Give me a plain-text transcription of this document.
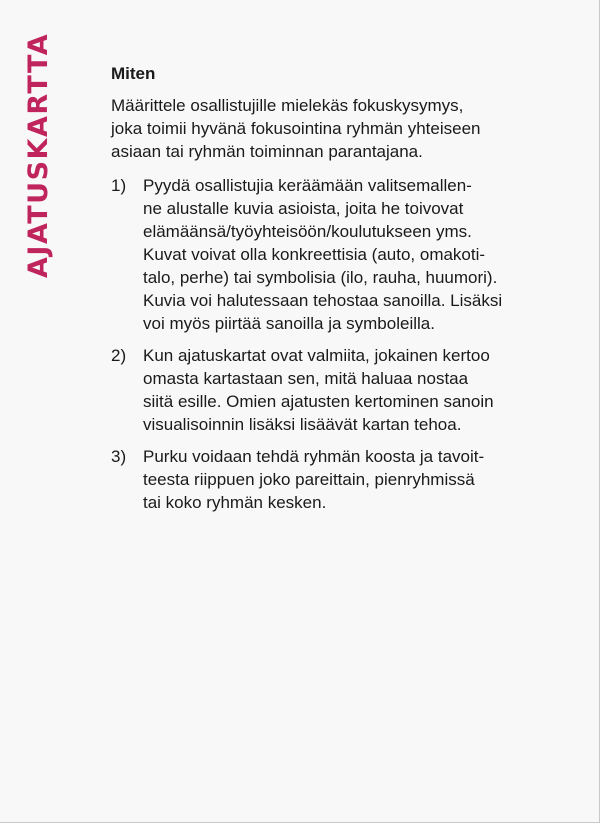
AJATUSKARTTA	Miten

Määrittele osallistujille mielekäs fokuskysymys,
joka toimii hyvänä fokusointina ryhmän yhteiseen
asiaan tai ryhmän toiminnan parantajana.

1) Pyydä osallistujia keräämään valitsemallen-
ne alustalle kuvia asioista, joita he toivovat
elämäänsä/työyhteisöön/koulutukseen yms.
Kuvat voivat olla konkreettisia (auto, omakoti-
talo, perhe) tai symbolisia (ilo, rauha, huumori).
Kuvia voi halutessaan tehostaa sanoilla. Lisäksi
voi myös piirtää sanoilla ja symboleilla.
2) Kun ajatuskartat ovat valmiita, jokainen kertoo
omasta kartastaan sen, mitä haluaa nostaa
siitä esille. Omien ajatusten kertominen sanoin
visualisoinnin lisäksi lisäävät kartan tehoa.
3) Purku voidaan tehdä ryhmän koosta ja tavoit-
teesta riippuen joko pareittain, pienryhmissä
tai koko ryhmän kesken.
